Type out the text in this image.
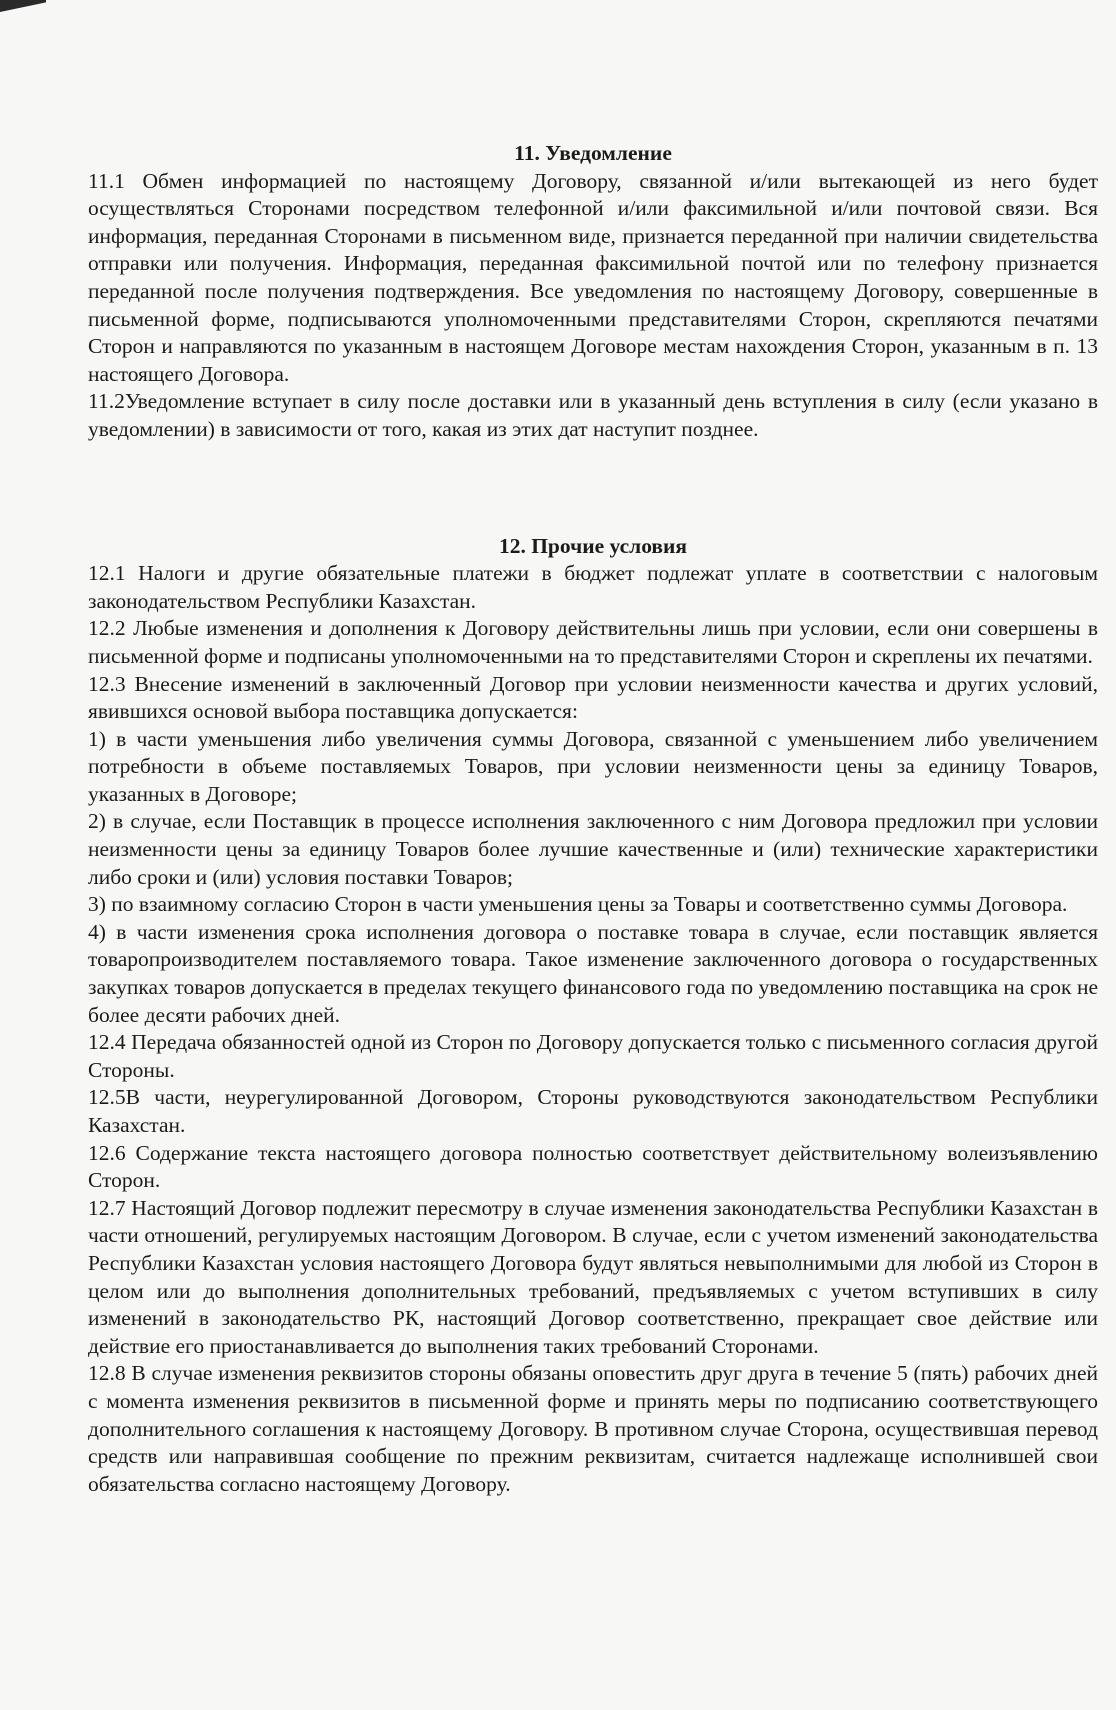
11. Уведомление

11.1 Обмен информацией по настоящему Договору, связанной и/или вытекающей из него будет осуществляться Сторонами посредством телефонной и/или факсимильной и/или почтовой связи. Вся информация, переданная Сторонами в письменном виде, признается переданной при наличии свидетельства отправки или получения. Информация, переданная факсимильной почтой или по телефону признается переданной после получения подтверждения. Все уведомления по настоящему Договору, совершенные в письменной форме, подписываются уполномоченными представителями Сторон, скрепляются печатями Сторон и направляются по указанным в настоящем Договоре местам нахождения Сторон, указанным в п. 13 настоящего Договора.

11.2Уведомление вступает в силу после доставки или в указанный день вступления в силу (если указано в уведомлении) в зависимости от того, какая из этих дат наступит позднее.

12. Прочие условия

12.1 Налоги и другие обязательные платежи в бюджет подлежат уплате в соответствии с налоговым законодательством Республики Казахстан.

12.2 Любые изменения и дополнения к Договору действительны лишь при условии, если они совершены в письменной форме и подписаны уполномоченными на то представителями Сторон и скреплены их печатями.

12.3 Внесение изменений в заключенный Договор при условии неизменности качества и других условий, явившихся основой выбора поставщика допускается:

1) в части уменьшения либо увеличения суммы Договора, связанной с уменьшением либо увеличением потребности в объеме поставляемых Товаров, при условии неизменности цены за единицу Товаров, указанных в Договоре;

2) в случае, если Поставщик в процессе исполнения заключенного с ним Договора предложил при условии неизменности цены за единицу Товаров более лучшие качественные и (или) технические характеристики либо сроки и (или) условия поставки Товаров;

3) по взаимному согласию Сторон в части уменьшения цены за Товары и соответственно суммы Договора.

4) в части изменения срока исполнения договора о поставке товара в случае, если поставщик является товаропроизводителем поставляемого товара. Такое изменение заключенного договора о государственных закупках товаров допускается в пределах текущего финансового года по уведомлению поставщика на срок не более десяти рабочих дней.

12.4 Передача обязанностей одной из Сторон по Договору допускается только с письменного согласия другой Стороны.

12.5В части, неурегулированной Договором, Стороны руководствуются законодательством Республики Казахстан.

12.6 Содержание текста настоящего договора полностью соответствует действительному волеизъявлению Сторон.

12.7 Настоящий Договор подлежит пересмотру в случае изменения законодательства Республики Казахстан в части отношений, регулируемых настоящим Договором. В случае, если с учетом изменений законодательства Республики Казахстан условия настоящего Договора будут являться невыполнимыми для любой из Сторон в целом или до выполнения дополнительных требований, предъявляемых с учетом вступивших в силу изменений в законодательство РК, настоящий Договор соответственно, прекращает свое действие или действие его приостанавливается до выполнения таких требований Сторонами.

12.8 В случае изменения реквизитов стороны обязаны оповестить друг друга в течение 5 (пять) рабочих дней с момента изменения реквизитов в письменной форме и принять меры по подписанию соответствующего дополнительного соглашения к настоящему Договору. В противном случае Сторона, осуществившая перевод средств или направившая сообщение по прежним реквизитам, считается надлежаще исполнившей свои обязательства согласно настоящему Договору.
